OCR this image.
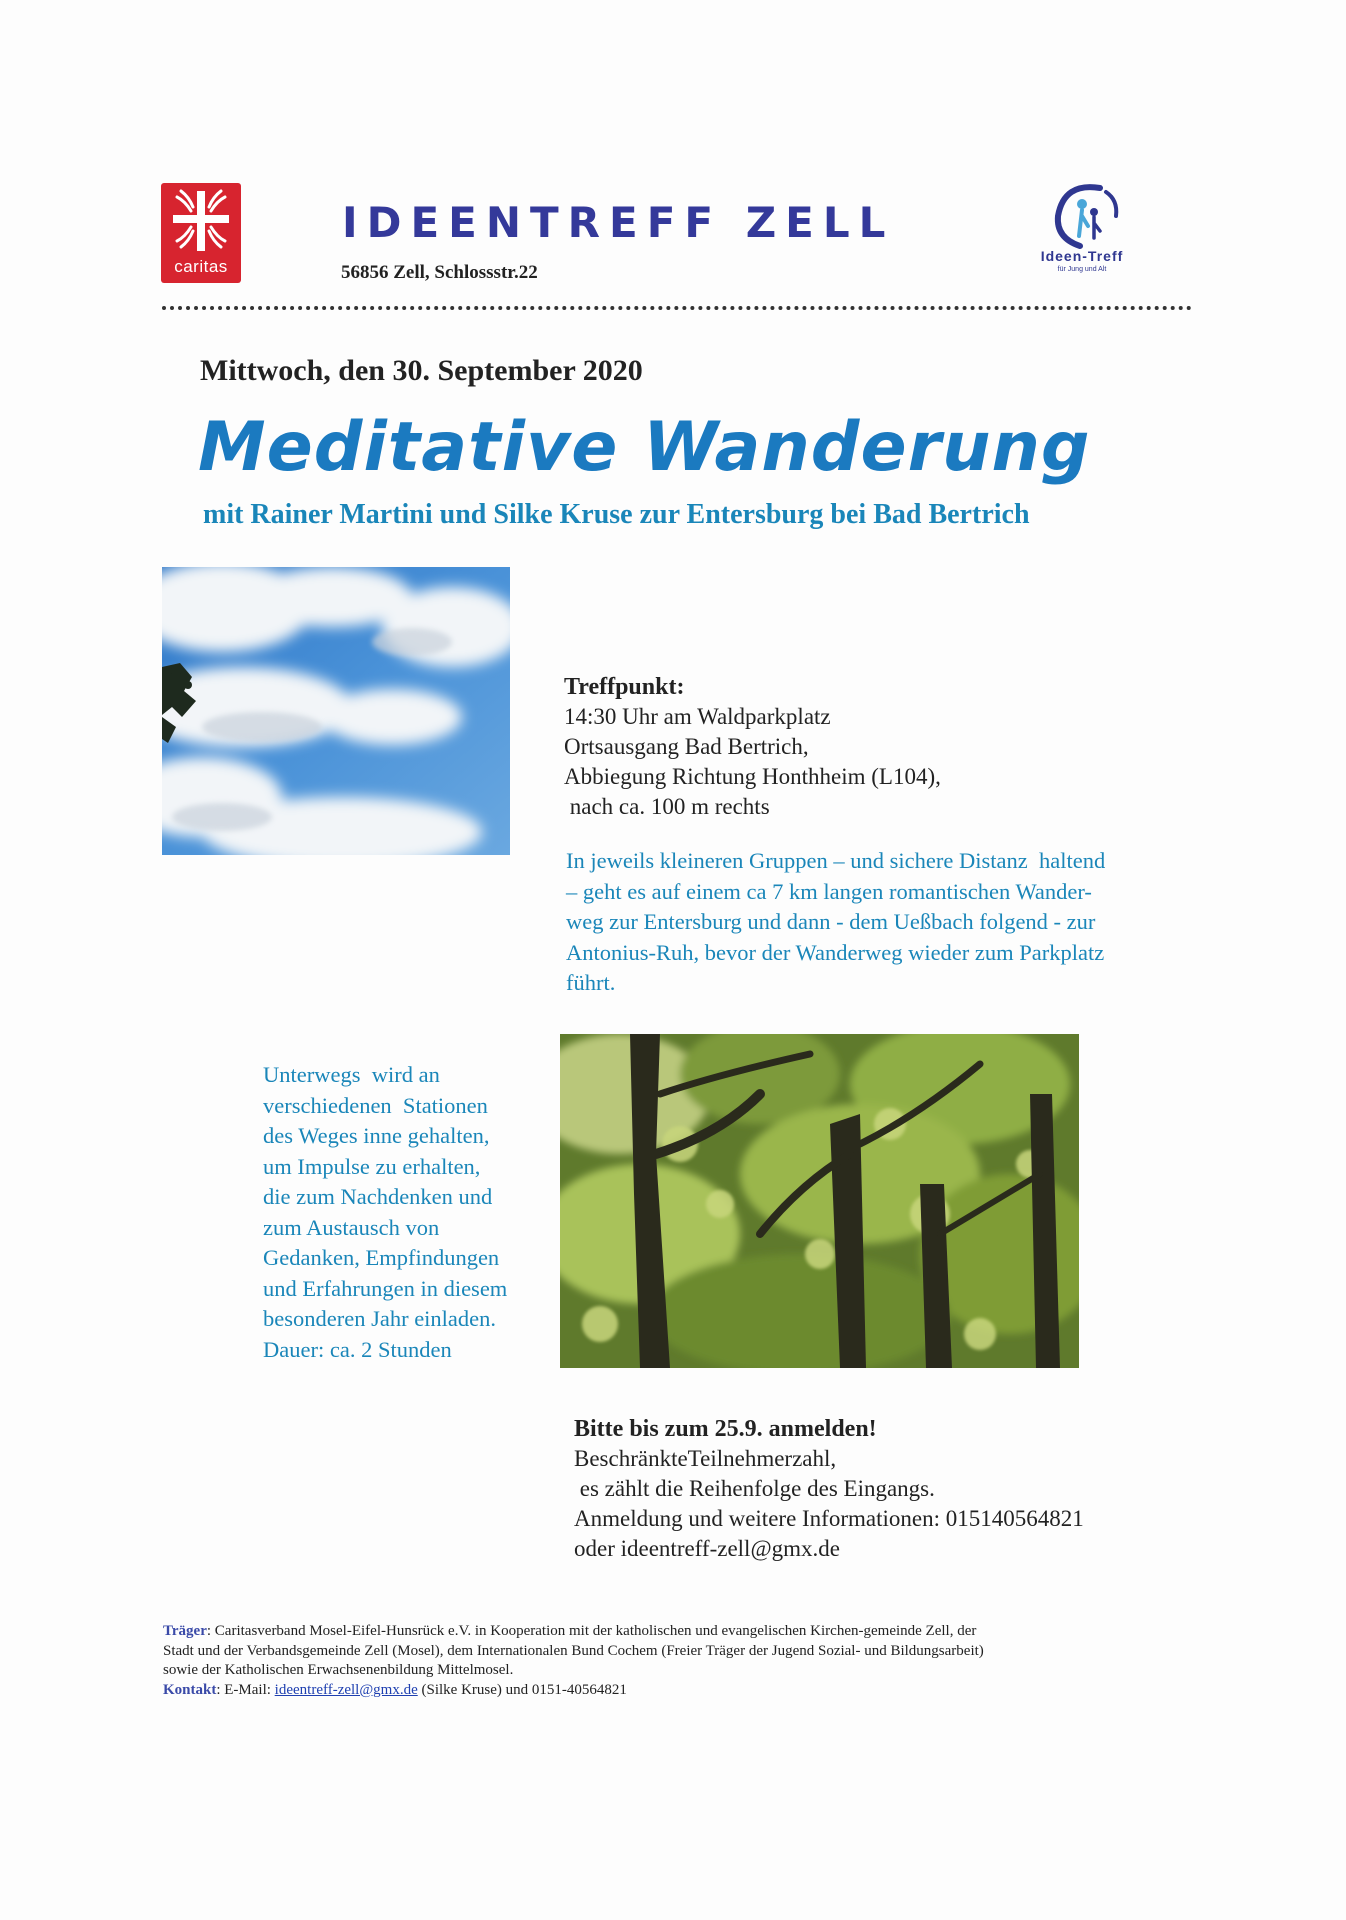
caritas
IDEENTREFF ZELL
56856 Zell, Schlossstr.22
Ideen-Treff
für Jung und Alt
Mittwoch, den 30. September 2020
Meditative Wanderung
mit Rainer Martini und Silke Kruse zur Entersburg bei Bad Bertrich
Treffpunkt:
14:30 Uhr am Waldparkplatz
Ortsausgang Bad Bertrich,
Abbiegung Richtung Honthheim (L104),
nach ca. 100 m rechts
In jeweils kleineren Gruppen – und sichere Distanz  haltend
– geht es auf einem ca 7 km langen romantischen Wander-
weg zur Entersburg und dann - dem Ueßbach folgend - zur
Antonius-Ruh, bevor der Wanderweg wieder zum Parkplatz
führt.
Unterwegs  wird an
verschiedenen  Stationen
des Weges inne gehalten,
um Impulse zu erhalten,
die zum Nachdenken und
zum Austausch von
Gedanken, Empfindungen
und Erfahrungen in diesem
besonderen Jahr einladen.
Dauer: ca. 2 Stunden
Bitte bis zum 25.9. anmelden!
BeschränkteTeilnehmerzahl,
es zählt die Reihenfolge des Eingangs.
Anmeldung und weitere Informationen: 015140564821
oder ideentreff-zell@gmx.de
Träger: Caritasverband Mosel-Eifel-Hunsrück e.V. in Kooperation mit der katholischen und evangelischen Kirchen-gemeinde Zell, der
Stadt und der Verbandsgemeinde Zell (Mosel), dem Internationalen Bund Cochem (Freier Träger der Jugend Sozial- und Bildungsarbeit)
sowie der Katholischen Erwachsenenbildung Mittelmosel.
Kontakt: E-Mail: ideentreff-zell@gmx.de (Silke Kruse) und 0151-40564821
